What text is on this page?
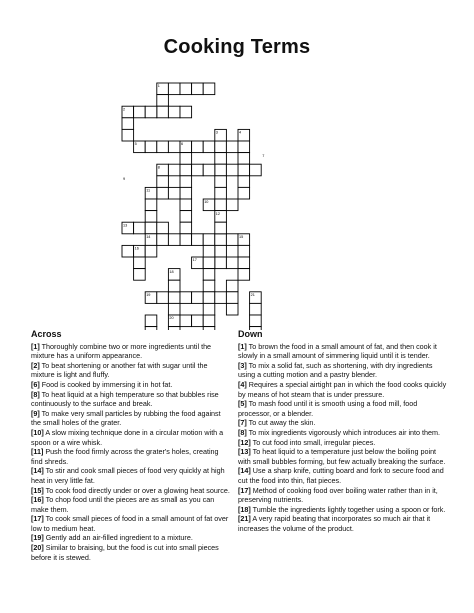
Cooking Terms
1
2
3	4
5	6
7
8
9
10
11
12
13
14	15
16
17
18
19
20
21
Across
[1] Thoroughly combine two or more ingredients until the mixture has a uniform appearance.
[2] To beat shortening or another fat with sugar until the mixture is light and fluffy.
[6] Food is cooked by immersing it in hot fat.
[8] To heat liquid at a high temperature so that bubbles rise continuously to the surface and break.
[9] To make very small particles by rubbing the food against the small holes of the grater.
[10] A slow mixing technique done in a circular motion with a spoon or a wire whisk.
[11] Push the food firmly across the grater's holes, creating find shreds.
[14] To stir and cook small pieces of food very quickly at high heat in very little fat.
[15] To cook food directly under or over a glowing heat source.
[16] To chop food until the pieces are as small as you can make them.
[17] To cook small pieces of food in a small amount of fat over low to medium heat.
[19] Gently add an air-filled ingredient to a mixture.
[20] Similar to braising, but the food is cut into small pieces before it is stewed.
Down
[1] To brown the food in a small amount of fat, and then cook it slowly in a small amount of simmering liquid until it is tender.
[3] To mix a solid fat, such as shortening, with dry ingredients using a cutting motion and a pastry blender.
[4] Requires a special airtight pan in which the food cooks quickly by means of hot steam that is under pressure.
[5] To mash food until it is smooth using a food mill, food processor, or a blender.
[7] To cut away the skin.
[8] To mix ingredients vigorously which introduces air into them.
[12] To cut food into small, irregular pieces.
[13] To heat liquid to a temperature just below the boiling point with small bubbles forming, but few actually breaking the surface.
[14] Use a sharp knife, cutting board and fork to secure food and cut the food into thin, flat pieces.
[17] Method of cooking food over boiling water rather than in it, preserving nutrients.
[18] Tumble the ingredients lightly together using a spoon or fork.
[21] A very rapid beating that incorporates so much air that it increases the volume of the product.
